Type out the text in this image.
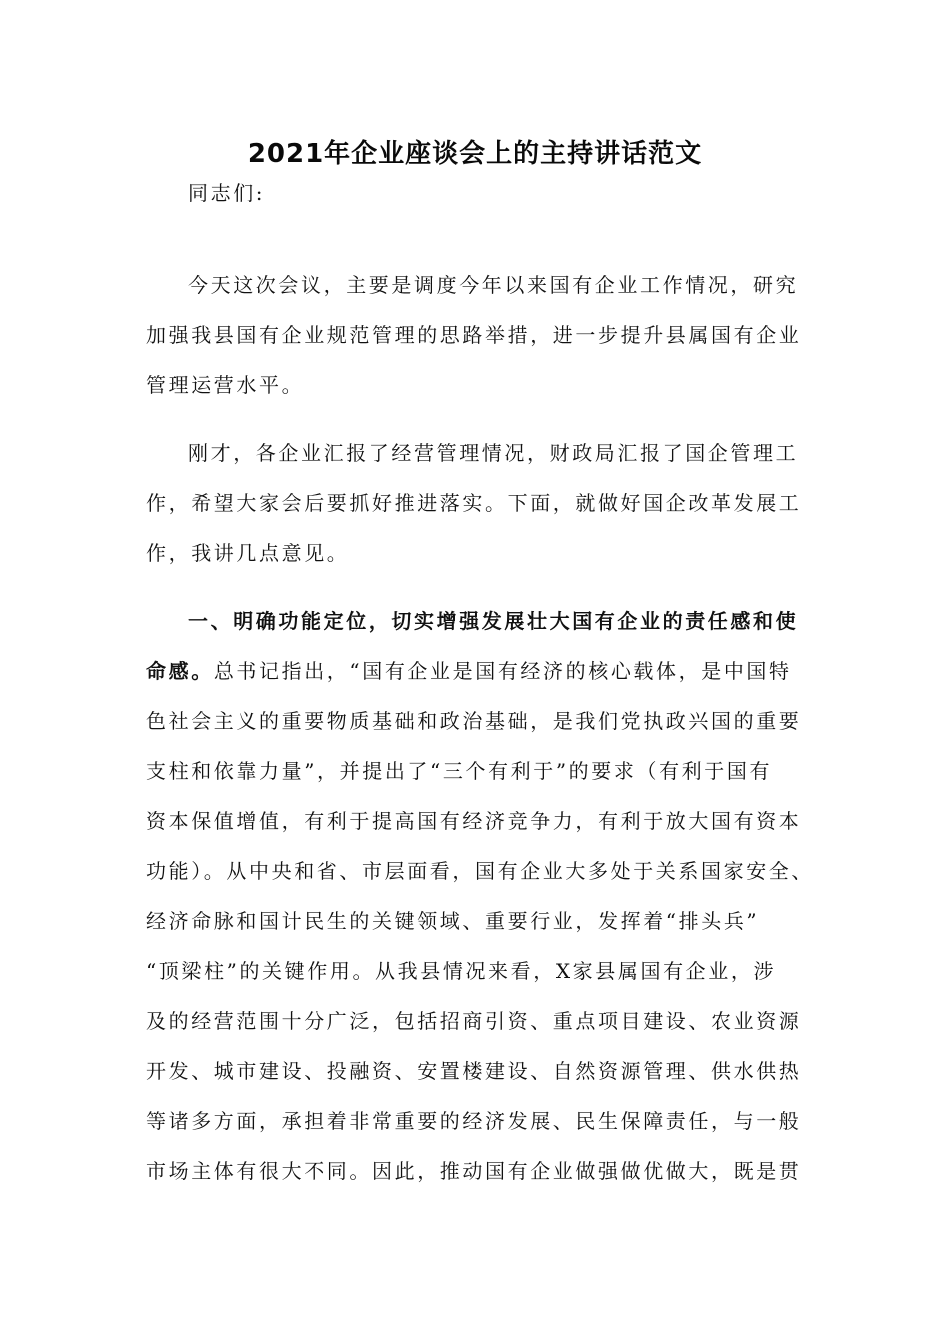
2021年企业座谈会上的主持讲话范文
同志们:
今天这次会议，主要是调度今年以来国有企业工作情况，研究
加强我县国有企业规范管理的思路举措，进一步提升县属国有企业
管理运营水平。
刚才，各企业汇报了经营管理情况，财政局汇报了国企管理工
作，希望大家会后要抓好推进落实。下面，就做好国企改革发展工
作，我讲几点意见。
一、明确功能定位，切实增强发展壮大国有企业的责任感和使
命感。总书记指出，“国有企业是国有经济的核心载体，是中国特
色社会主义的重要物质基础和政治基础，是我们党执政兴国的重要
支柱和依靠力量”，并提出了“三个有利于”的要求（有利于国有
资本保值增值，有利于提高国有经济竞争力，有利于放大国有资本
功能）。从中央和省、市层面看，国有企业大多处于关系国家安全、
经济命脉和国计民生的关键领域、重要行业，发挥着“排头兵”
“顶梁柱”的关键作用。从我县情况来看，X家县属国有企业，涉
及的经营范围十分广泛，包括招商引资、重点项目建设、农业资源
开发、城市建设、投融资、安置楼建设、自然资源管理、供水供热
等诸多方面，承担着非常重要的经济发展、民生保障责任，与一般
市场主体有很大不同。因此，推动国有企业做强做优做大，既是贯
